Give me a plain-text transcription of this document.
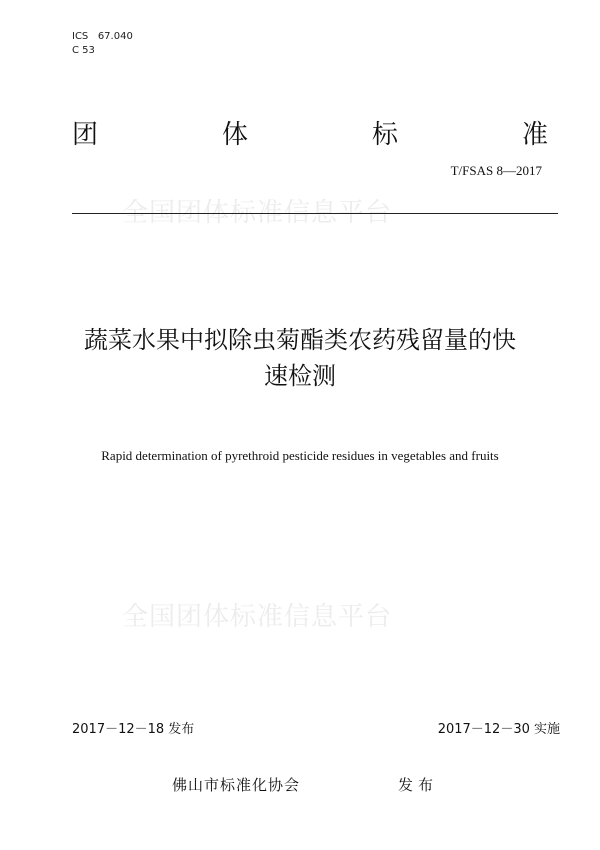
ICS   67.040
C 53
团	体	标	准
全国团体标准信息平台
T/FSAS 8—2017
蔬菜水果中拟除虫菊酯类农药残留量的快
速检测
Rapid determination of pyrethroid pesticide residues in vegetables and fruits
全国团体标准信息平台
2017－12－18 发布	2017－12－30 实施
佛山市标准化协会	发布
